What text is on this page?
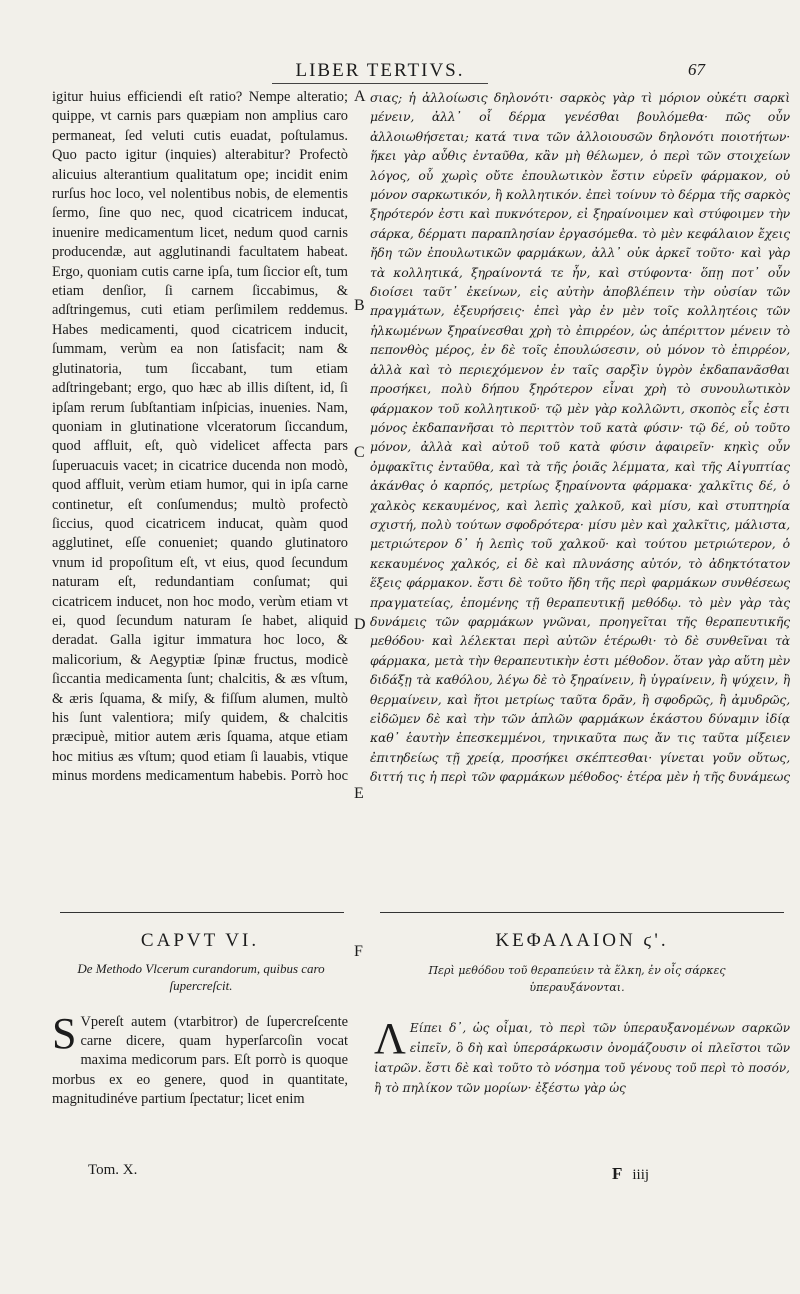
LIBER TERTIVS.	67

igitur huius efficiendi eſt ratio? Nempe alteratio; quippe, vt carnis pars quæpiam non amplius caro permaneat, ſed veluti cutis euadat, poſtulamus. Quo pacto igitur (inquies) alterabitur? Profectò alicuius alterantium qualitatum ope; incidit enim rurſus hoc loco, vel nolentibus nobis, de elementis ſermo, ſine quo nec, quod cicatricem inducat, inuenire medicamentum licet, nedum quod carnis producendæ, aut agglutinandi facultatem habeat. Ergo, quoniam cutis carne ipſa, tum ſiccior eſt, tum etiam denſior, ſi carnem ſiccabimus, & adſtringemus, cuti etiam perſimilem reddemus. Habes medicamenti, quod cicatricem inducit, ſummam, verùm ea non ſatisfacit; nam & glutinatoria, tum ſiccabant, tum etiam adſtringebant; ergo, quo hæc ab illis diſtent, id, ſi ipſam rerum ſubſtantiam inſpicias, inuenies. Nam, quoniam in glutinatione vlceratorum ſiccandum, quod affluit, eſt, quò videlicet affecta pars ſuperuacuis vacet; in cicatrice ducenda non modò, quod affluit, verùm etiam humor, qui in ipſa carne continetur, eſt conſumendus; multò profectò ſiccius, quod cicatricem inducat, quàm quod agglutinet, eſſe conueniet; quando glutinatoro vnum id propoſitum eſt, vt eius, quod ſecundum naturam eſt, redundantiam conſumat; qui cicatricem inducet, non hoc modo, verùm etiam vt ei, quod ſecundum naturam ſe habet, aliquid deradat. Galla igitur immatura hoc loco, & malicorium, & Aegyptiæ ſpinæ fructus, modicè ſiccantia medicamenta ſunt; chalcitis, & æs vſtum, & æris ſquama, & miſy, & fiſſum alumen, multò his ſunt valentiora; miſy quidem, & chalcitis præcipuè, mitior autem æris ſquama, atque etiam hoc mitius æs vſtum; quod etiam ſi lauabis, vtique minus mordens medicamentum habebis. Porrò hoc

A
B
C
D
E
F

σιας; ἡ ἀλλοίωσις δηλονότι· σαρκὸς γὰρ τὶ μόριον οὐκέτι σαρκὶ μένειν, ἀλλ᾽ οἷ δέρμα γενέσθαι βουλόμεθα· πῶς οὖν ἀλλοιωθήσεται; κατά τινα τῶν ἀλλοιουσῶν δηλονότι ποιοτήτων· ἥκει γὰρ αὖθις ἐνταῦθα, κἂν μὴ θέλωμεν, ὁ περὶ τῶν στοιχείων λόγος, οὗ χωρὶς οὔτε ἐπουλωτικὸν ἔστιν εὑρεῖν φάρμακον, οὐ μόνον σαρκωτικόν, ἢ κολλητικόν. ἐπεὶ τοίνυν τὸ δέρμα τῆς σαρκὸς ξηρότερόν ἐστι καὶ πυκνότερον, εἰ ξηραίνοιμεν καὶ στύφοιμεν τὴν σάρκα, δέρματι παραπλησίαν ἐργασόμεθα. τὸ μὲν κεφάλαιον ἔχεις ἤδη τῶν ἐπουλωτικῶν φαρμάκων, ἀλλ᾽ οὐκ ἀρκεῖ τοῦτο· καὶ γὰρ τὰ κολλητικά, ξηραίνοντά τε ἦν, καὶ στύφοντα· ὅπῃ ποτ᾽ οὖν διοίσει ταῦτ᾽ ἐκείνων, εἰς αὐτὴν ἀποβλέπειν τὴν οὐσίαν τῶν πραγμάτων, ἐξευρήσεις· ἐπεὶ γὰρ ἐν μὲν τοῖς κολλητέοις τῶν ἡλκωμένων ξηραίνεσθαι χρὴ τὸ ἐπιρρέον, ὡς ἀπέριττον μένειν τὸ πεπονθὸς μέρος, ἐν δὲ τοῖς ἐπουλώσεσιν, οὐ μόνον τὸ ἐπιρρέον, ἀλλὰ καὶ τὸ περιεχόμενον ἐν ταῖς σαρξὶν ὑγρὸν ἐκδαπανᾶσθαι προσήκει, πολὺ δήπου ξηρότερον εἶναι χρὴ τὸ συνουλωτικὸν φάρμακον τοῦ κολλητικοῦ· τῷ μὲν γὰρ κολλῶντι, σκοπὸς εἷς ἐστι μόνος ἐκδαπανῆσαι τὸ περιττὸν τοῦ κατὰ φύσιν· τῷ δέ, οὐ τοῦτο μόνον, ἀλλὰ καὶ αὐτοῦ τοῦ κατὰ φύσιν ἀφαιρεῖν· κηκὶς οὖν ὀμφακῖτις ἐνταῦθα, καὶ τὰ τῆς ῥοιᾶς λέμματα, καὶ τῆς Αἰγυπτίας ἀκάνθας ὁ καρπός, μετρίως ξηραίνοντα φάρμακα· χαλκῖτις δέ, ὁ χαλκὸς κεκαυμένος, καὶ λεπὶς χαλκοῦ, καὶ μίσυ, καὶ στυπτηρία σχιστή, πολὺ τούτων σφοδρότερα· μίσυ μὲν καὶ χαλκῖτις, μάλιστα, μετριώτερον δ᾽ ἡ λεπὶς τοῦ χαλκοῦ· καὶ τούτου μετριώτερον, ὁ κεκαυμένος χαλκός, εἰ δὲ καὶ πλυνάσης αὐτόν, τὸ ἀδηκτότατον ἕξεις φάρμακον. ἔστι δὲ τοῦτο ἤδη τῆς περὶ φαρμάκων συνθέσεως πραγματείας, ἑπομένης τῇ θεραπευτικῇ μεθόδῳ. τὸ μὲν γὰρ τὰς δυνάμεις τῶν φαρμάκων γνῶναι, προηγεῖται τῆς θεραπευτικῆς μεθόδου· καὶ λέλεκται περὶ αὐτῶν ἑτέρωθι· τὸ δὲ συνθεῖναι τὰ φάρμακα, μετὰ τὴν θεραπευτικὴν ἐστι μέθοδον. ὅταν γὰρ αὕτη μὲν διδάξῃ τὰ καθόλου, λέγω δὲ τὸ ξηραίνειν, ἢ ὑγραίνειν, ἢ ψύχειν, ἢ θερμαίνειν, καὶ ἤτοι μετρίως ταῦτα δρᾶν, ἢ σφοδρῶς, ἢ ἀμυδρῶς, εἰδῶμεν δὲ καὶ τὴν τῶν ἁπλῶν φαρμάκων ἑκάστου δύναμιν ἰδίᾳ καθ᾽ ἑαυτὴν ἐπεσκεμμένοι, τηνικαῦτα πως ἄν τις ταῦτα μίξειεν ἐπιτηδείως τῇ χρείᾳ, προσήκει σκέπτεσθαι· γίνεται γοῦν οὕτως, διττή τις ἡ περὶ τῶν φαρμάκων μέθοδος· ἑτέρα μὲν ἡ τῆς δυνάμεως

CAPVT VI.
De Methodo Vlcerum curandorum, quibus caro ſupercreſcit.
ΚΕΦΑΛΑΙΟΝ ϛ'.
Περὶ μεθόδου τοῦ θεραπεύειν τὰ ἕλκη, ἐν οἷς σάρκες ὑπεραυξάνονται.
S Vpereſt autem (vtarbitror) de ſupercreſcente carne dicere, quam hyperſarcoſin vocat maxima medicorum pars. Eſt porrò is quoque morbus ex eo genere, quod in quantitate, magnitudinéve partium ſpectatur; licet enim
Tom. X.
Λ Είπει δ᾽, ὡς οἶμαι, τὸ περὶ τῶν ὑπεραυξανομένων σαρκῶν εἰπεῖν, ὃ δὴ καὶ ὑπερσάρκωσιν ὀνομάζουσιν οἱ πλεῖστοι τῶν ἰατρῶν. ἔστι δὲ καὶ τοῦτο τὸ νόσημα τοῦ γένους τοῦ περὶ τὸ ποσόν, ἢ τὸ πηλίκον τῶν μορίων· ἐξέστω γὰρ ὡς
F iiij
